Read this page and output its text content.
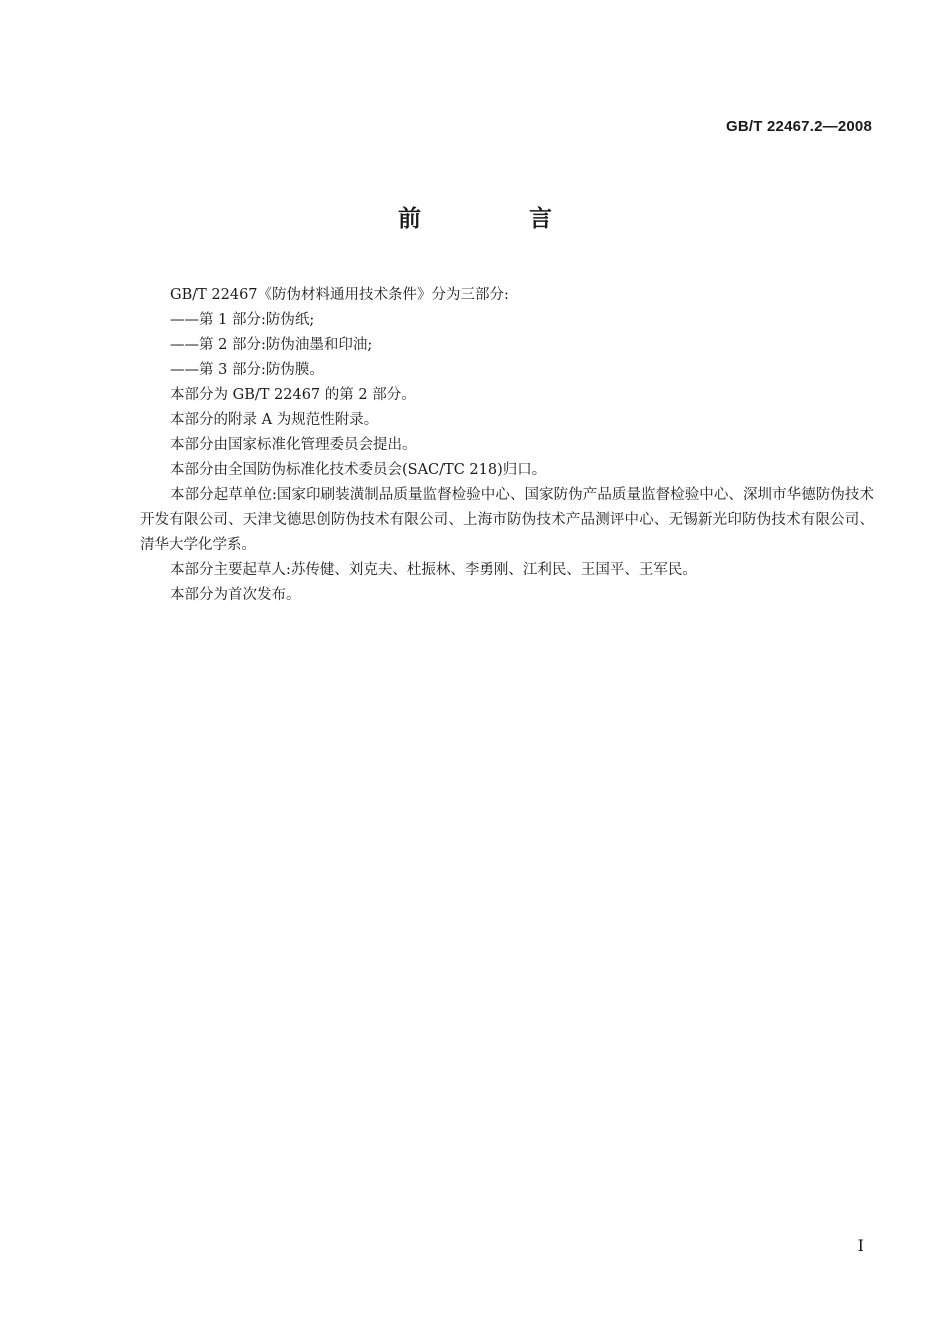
GB/T 22467.2—2008
前 言

GB/T 22467《防伪材料通用技术条件》分为三部分:

——第 1 部分:防伪纸;

——第 2 部分:防伪油墨和印油;

——第 3 部分:防伪膜。

本部分为 GB/T 22467 的第 2 部分。

本部分的附录 A 为规范性附录。

本部分由国家标准化管理委员会提出。

本部分由全国防伪标准化技术委员会(SAC/TC 218)归口。

本部分起草单位:国家印刷装潢制品质量监督检验中心、国家防伪产品质量监督检验中心、深圳市华德防伪技术开发有限公司、天津戈德思创防伪技术有限公司、上海市防伪技术产品测评中心、无锡新光印防伪技术有限公司、清华大学化学系。

本部分主要起草人:苏传健、刘克夫、杜振林、李勇刚、江利民、王国平、王军民。

本部分为首次发布。

I
